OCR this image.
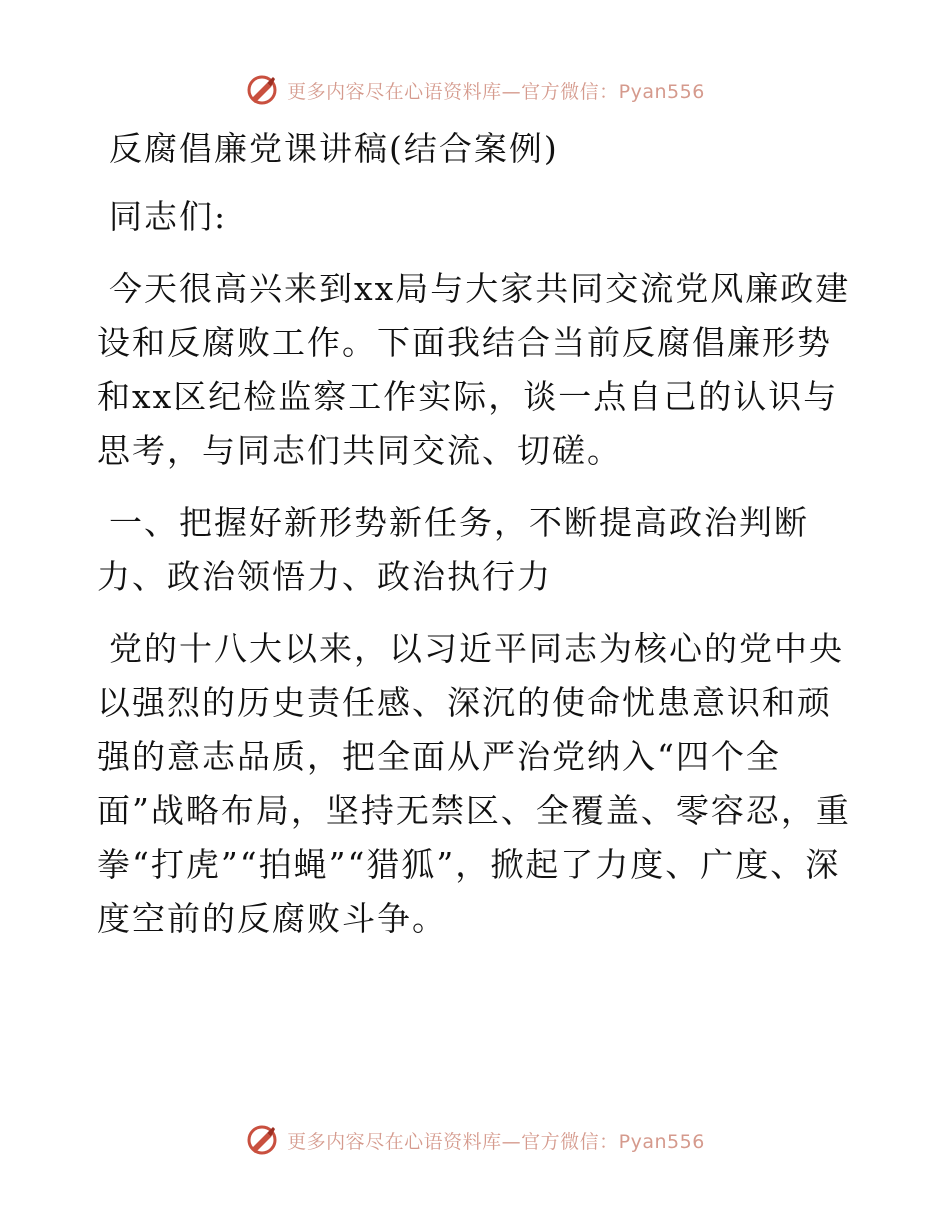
更多内容尽在心语资料库—官方微信：Pyan556

反腐倡廉党课讲稿(结合案例)

同志们:

今天很高兴来到xx局与大家共同交流党风廉政建设和反腐败工作。下面我结合当前反腐倡廉形势和xx区纪检监察工作实际，谈一点自己的认识与思考，与同志们共同交流、切磋。

一、把握好新形势新任务，不断提高政治判断力、政治领悟力、政治执行力

党的十八大以来，以习近平同志为核心的党中央以强烈的历史责任感、深沉的使命忧患意识和顽强的意志品质，把全面从严治党纳入“四个全面”战略布局，坚持无禁区、全覆盖、零容忍，重拳“打虎”“拍蝇”“猎狐”，掀起了力度、广度、深度空前的反腐败斗争。

更多内容尽在心语资料库—官方微信：Pyan556
